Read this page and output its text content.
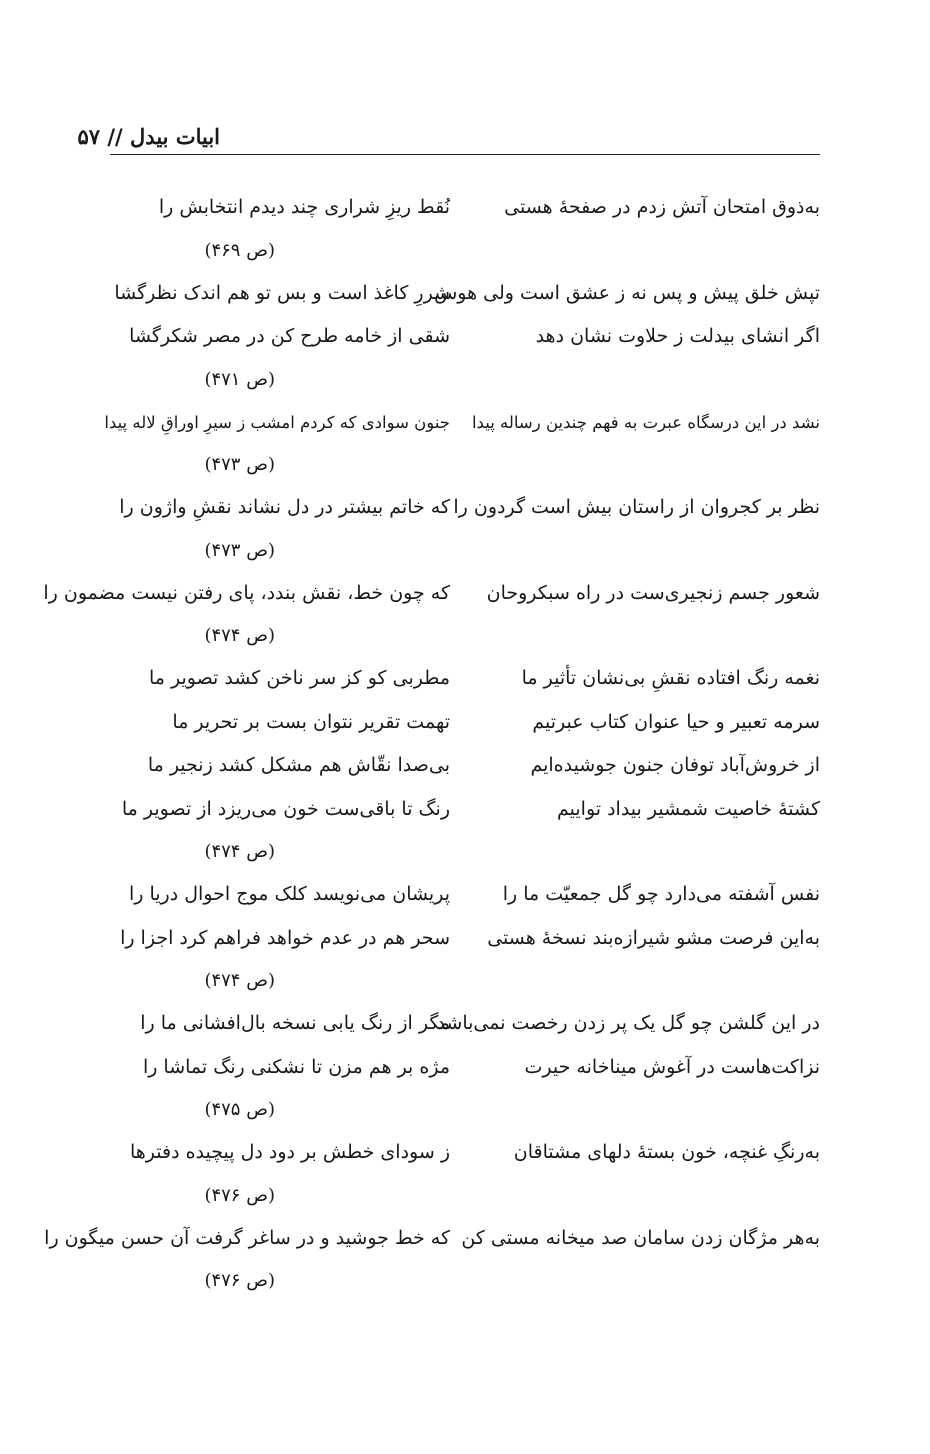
ابیات بیدل // ۵۷
به‌ذوق امتحان آتش زدم در صفحهٔ هستی
نُقط ریزِ شراری چند دیدم انتخابش را
(ص ۴۶۹)
تپش خلق پیش و پس نه ز عشق است ولی هوس
شررِ کاغذ است و بس تو هم اندک نظرگشا
اگر انشای بیدلت ز حلاوت نشان دهد
شقی از خامه طرح کن در مصر شکرگشا
(ص ۴۷۱)
نشد در این درسگاه عبرت به فهم چندین رساله پیدا
جنون سوادی که کردم امشب ز سیرِ اوراقِ لاله پیدا
(ص ۴۷۳)
نظر بر کجروان از راستان بیش است گردون را
که خاتم بیشتر در دل نشاند نقشِ واژون را
(ص ۴۷۳)
شعور جسم زنجیری‌ست در راه سبکروحان
که چون خط، نقش بندد، پای رفتن نیست مضمون را
(ص ۴۷۴)
نغمه رنگ افتاده نقشِ بی‌نشان تأثیر ما
مطربی کو کز سر ناخن کشد تصویر ما
سرمه تعبیر و حیا عنوان کتاب عبرتیم
تهمت تقریر نتوان بست بر تحریر ما
از خروش‌آباد توفان جنون جوشیده‌ایم
بی‌صدا نقّاش هم مشکل کشد زنجیر ما
کشتهٔ خاصیت شمشیر بیداد تواییم
رنگ تا باقی‌ست خون می‌ریزد از تصویر ما
(ص ۴۷۴)
نفس آشفته می‌دارد چو گل جمعیّت ما را
پریشان می‌نویسد کلک موج احوال دریا را
به‌این فرصت مشو شیرازه‌بند نسخهٔ هستی
سحر هم در عدم خواهد فراهم کرد اجزا را
(ص ۴۷۴)
در این گلشن چو گل یک پر زدن رخصت نمی‌باشد
مگر از رنگ یابی نسخه بال‌افشانی ما را
نزاکت‌هاست در آغوش میناخانه حیرت
مژه بر هم مزن تا نشکنی رنگ تماشا را
(ص ۴۷۵)
به‌رنگِ غنچه، خون بستهٔ دلهای مشتاقان
ز سودای خطش بر دود دل پیچیده دفترها
(ص ۴۷۶)
به‌هر مژگان زدن سامان صد میخانه مستی کن
که خط جوشید و در ساغر گرفت آن حسن میگون را
(ص ۴۷۶)
